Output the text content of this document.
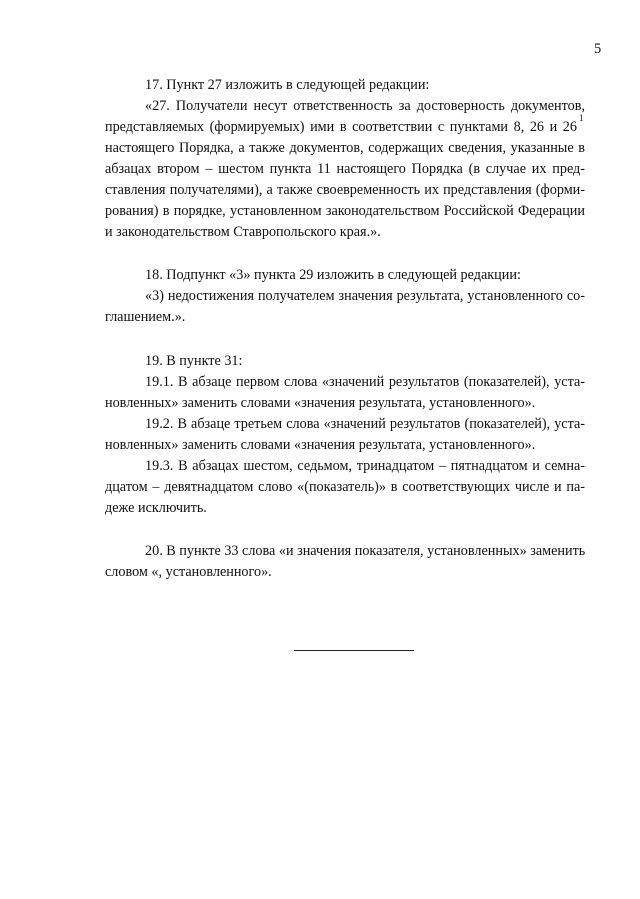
5
17. Пункт 27 изложить в следующей редакции:
«27. Получатели несут ответственность за достоверность документов,
представляемых (формируемых) ими в соответствии с пунктами 8, 26 и 26
1
настоящего Порядка, а также документов, содержащих сведения, указанные в
абзацах втором – шестом пункта 11 настоящего Порядка (в случае их пред-
ставления получателями), а также своевременность их представления (форми-
рования) в порядке, установленном законодательством Российской Федерации
и законодательством Ставропольского края.».
18. Подпункт «3» пункта 29 изложить в следующей редакции:
«3) недостижения получателем значения результата, установленного со-
глашением.».
19. В пункте 31:
19.1. В абзаце первом слова «значений результатов (показателей), уста-
новленных» заменить словами «значения результата, установленного».
19.2. В абзаце третьем слова «значений результатов (показателей), уста-
новленных» заменить словами «значения результата, установленного».
19.3. В абзацах шестом, седьмом, тринадцатом – пятнадцатом и семна-
дцатом – девятнадцатом слово «(показатель)» в соответствующих числе и па-
деже исключить.
20. В пункте 33 слова «и значения показателя, установленных» заменить
словом «, установленного».
